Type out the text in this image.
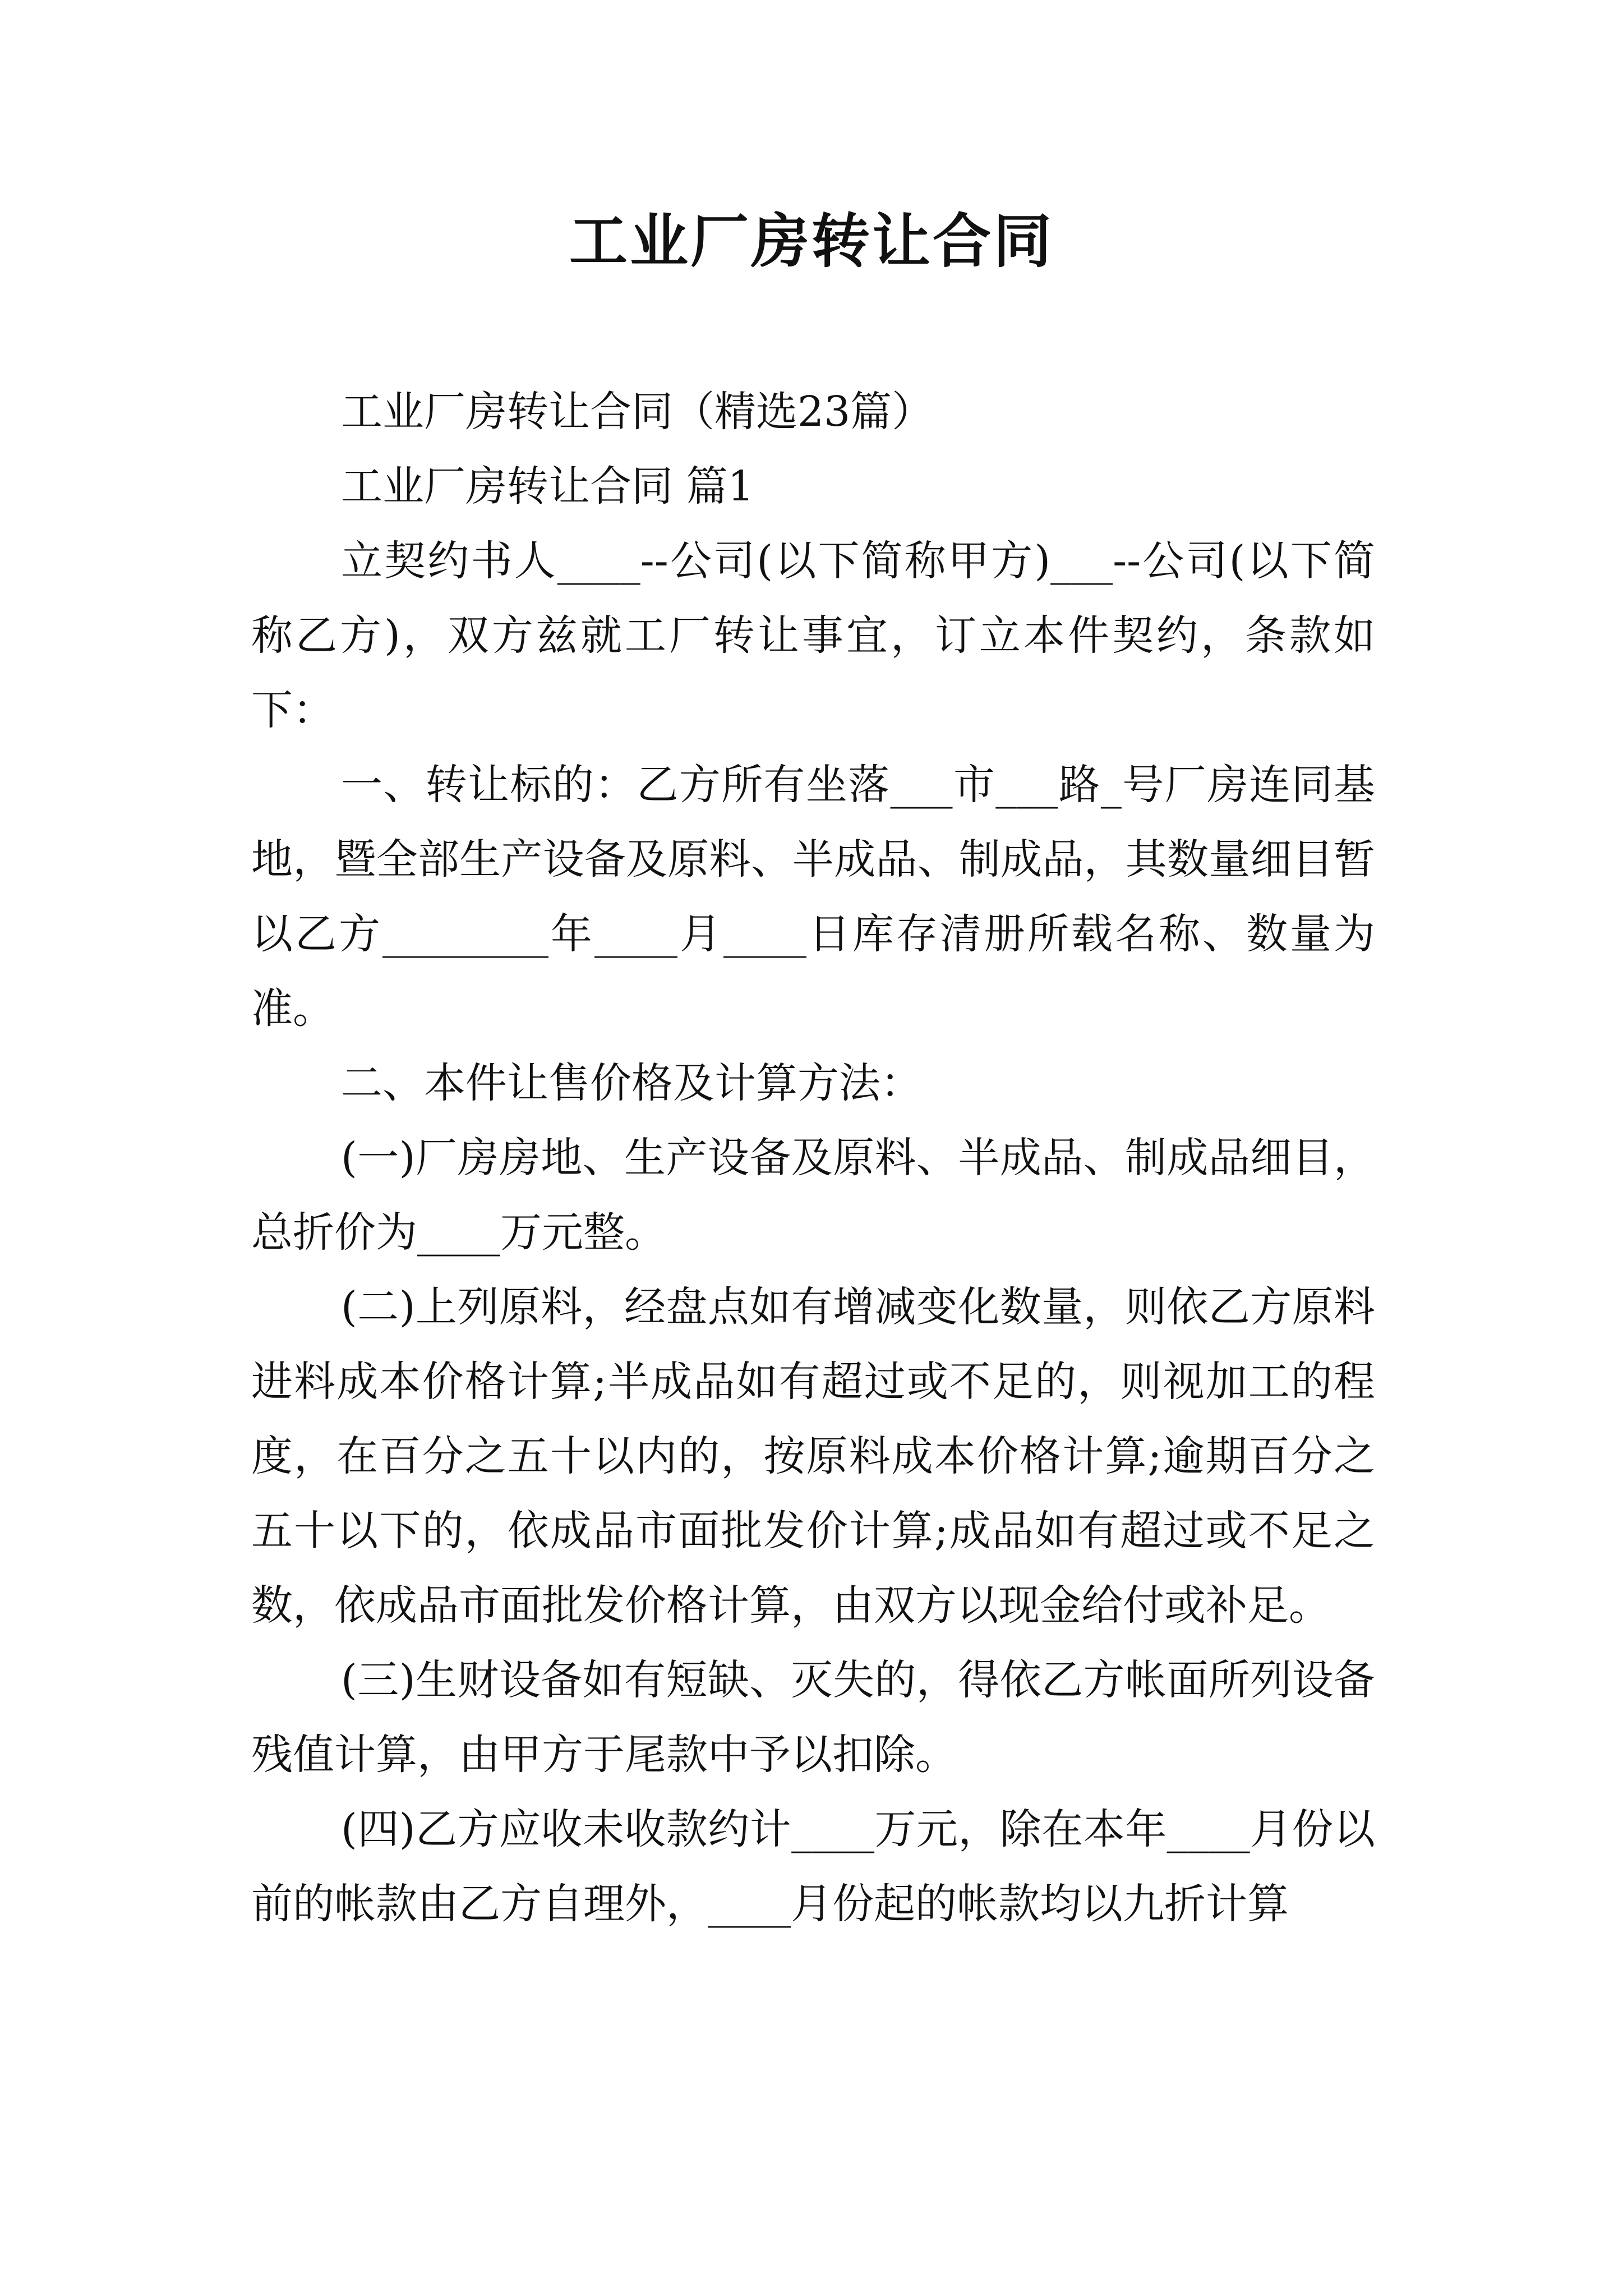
工业厂房转让合同

工业厂房转让合同（精选23篇）

工业厂房转让合同 篇1

立契约书人____--公司(以下简称甲方)___--公司(以下简称乙方)，双方兹就工厂转让事宜，订立本件契约，条款如下：

一、转让标的：乙方所有坐落___市___路_号厂房连同基地，暨全部生产设备及原料、半成品、制成品，其数量细目暂以乙方________年____月____日库存清册所载名称、数量为准。

二、本件让售价格及计算方法：

(一)厂房房地、生产设备及原料、半成品、制成品细目，总折价为____万元整。

(二)上列原料，经盘点如有增减变化数量，则依乙方原料进料成本价格计算;半成品如有超过或不足的，则视加工的程度，在百分之五十以内的，按原料成本价格计算;逾期百分之五十以下的，依成品市面批发价计算;成品如有超过或不足之数，依成品市面批发价格计算，由双方以现金给付或补足。

(三)生财设备如有短缺、灭失的，得依乙方帐面所列设备残值计算，由甲方于尾款中予以扣除。

(四)乙方应收未收款约计____万元，除在本年____月份以前的帐款由乙方自理外，____月份起的帐款均以九折计算
